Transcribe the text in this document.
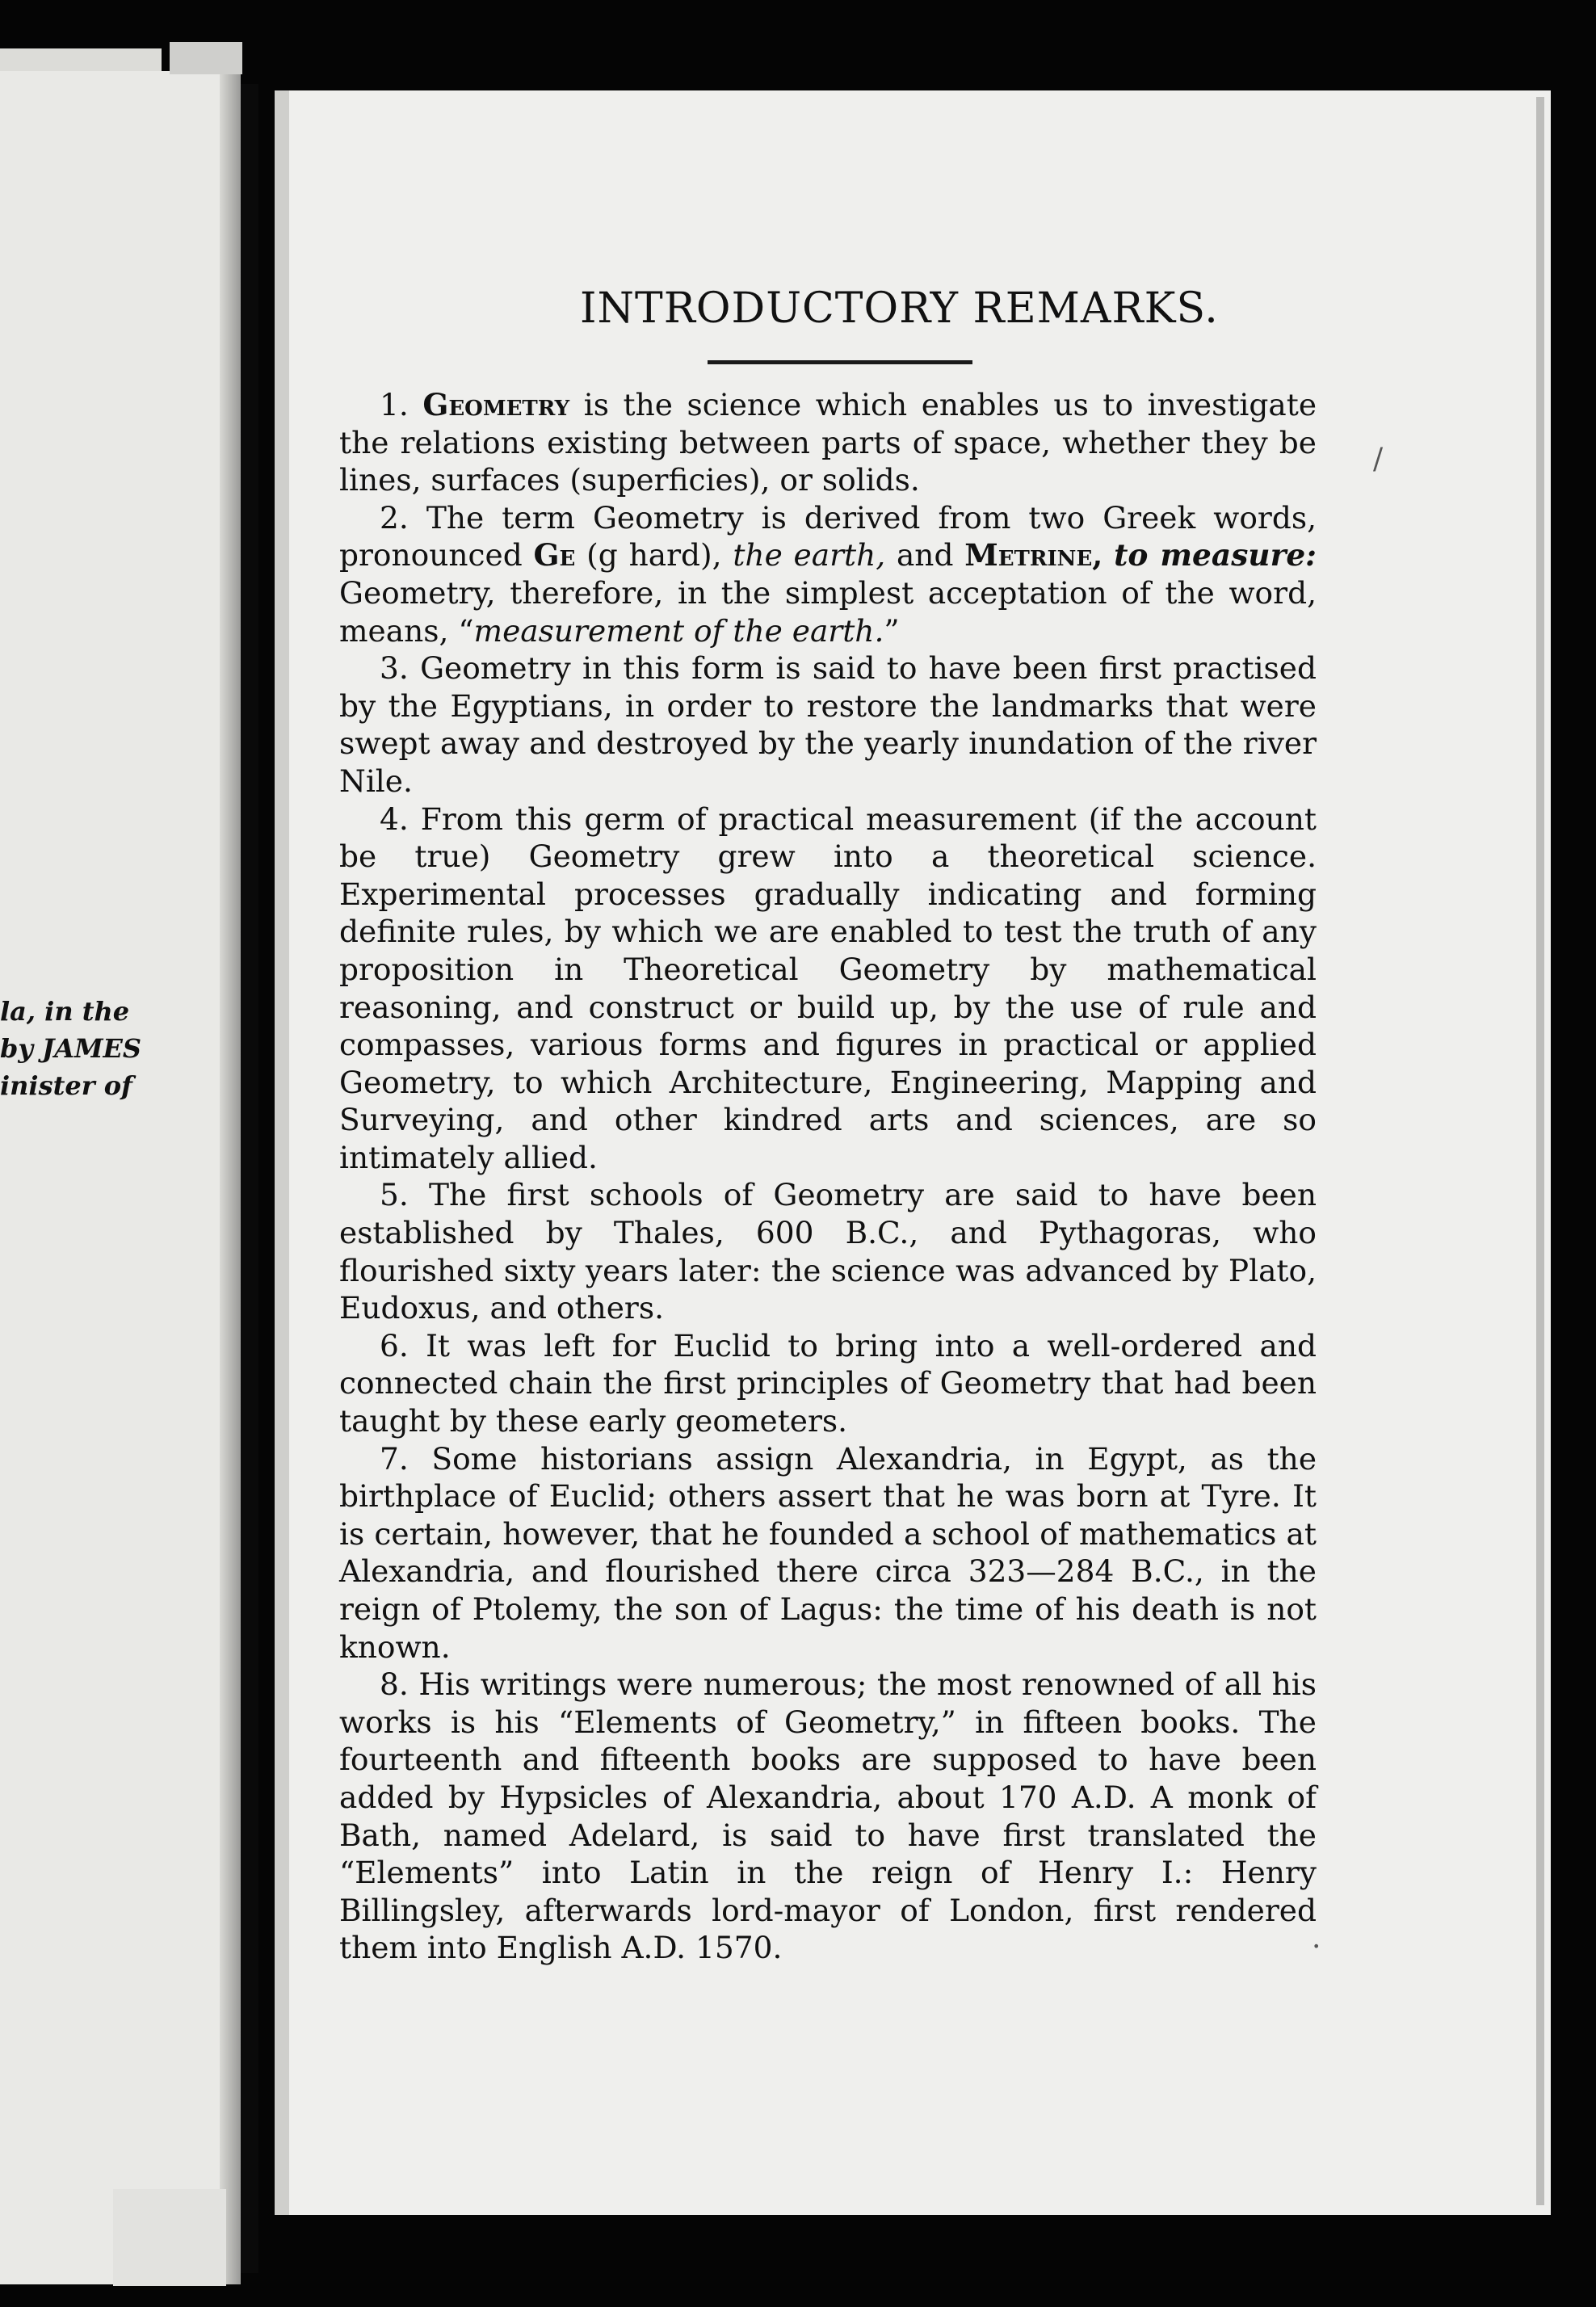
la, in the
by JAMES
inister of
INTRODUCTORY REMARKS.

1. Geometry is the science which enables us to investigate the relations existing between parts of space, whether they be lines, surfaces (superficies), or solids.

2. The term Geometry is derived from two Greek words, pronounced Ge (g hard), the earth, and Metrine, to measure: Geometry, therefore, in the simplest acceptation of the word, means, “measurement of the earth.”

3. Geometry in this form is said to have been first practised by the Egyptians, in order to restore the landmarks that were swept away and destroyed by the yearly inundation of the river Nile.

4. From this germ of practical measurement (if the account be true) Geometry grew into a theoretical science. Experimental processes gradually indicating and forming definite rules, by which we are enabled to test the truth of any proposition in Theoretical Geometry by mathematical reasoning, and construct or build up, by the use of rule and compasses, various forms and figures in practical or applied Geometry, to which Architecture, Engineering, Mapping and Surveying, and other kindred arts and sciences, are so intimately allied.

5. The first schools of Geometry are said to have been established by Thales, 600 B.C., and Pythagoras, who flourished sixty years later: the science was advanced by Plato, Eudoxus, and others.

6. It was left for Euclid to bring into a well-ordered and connected chain the first principles of Geometry that had been taught by these early geometers.

7. Some historians assign Alexandria, in Egypt, as the birthplace of Euclid; others assert that he was born at Tyre. It is certain, however, that he founded a school of mathematics at Alexandria, and flourished there circa 323—284 B.C., in the reign of Ptolemy, the son of Lagus: the time of his death is not known.

8. His writings were numerous; the most renowned of all his works is his “Elements of Geometry,” in fifteen books. The fourteenth and fifteenth books are supposed to have been added by Hypsicles of Alexandria, about 170 A.D. A monk of Bath, named Adelard, is said to have first translated the “Elements” into Latin in the reign of Henry I.: Henry Billingsley, afterwards lord-mayor of London, first rendered them into English A.D. 1570.

/
·
